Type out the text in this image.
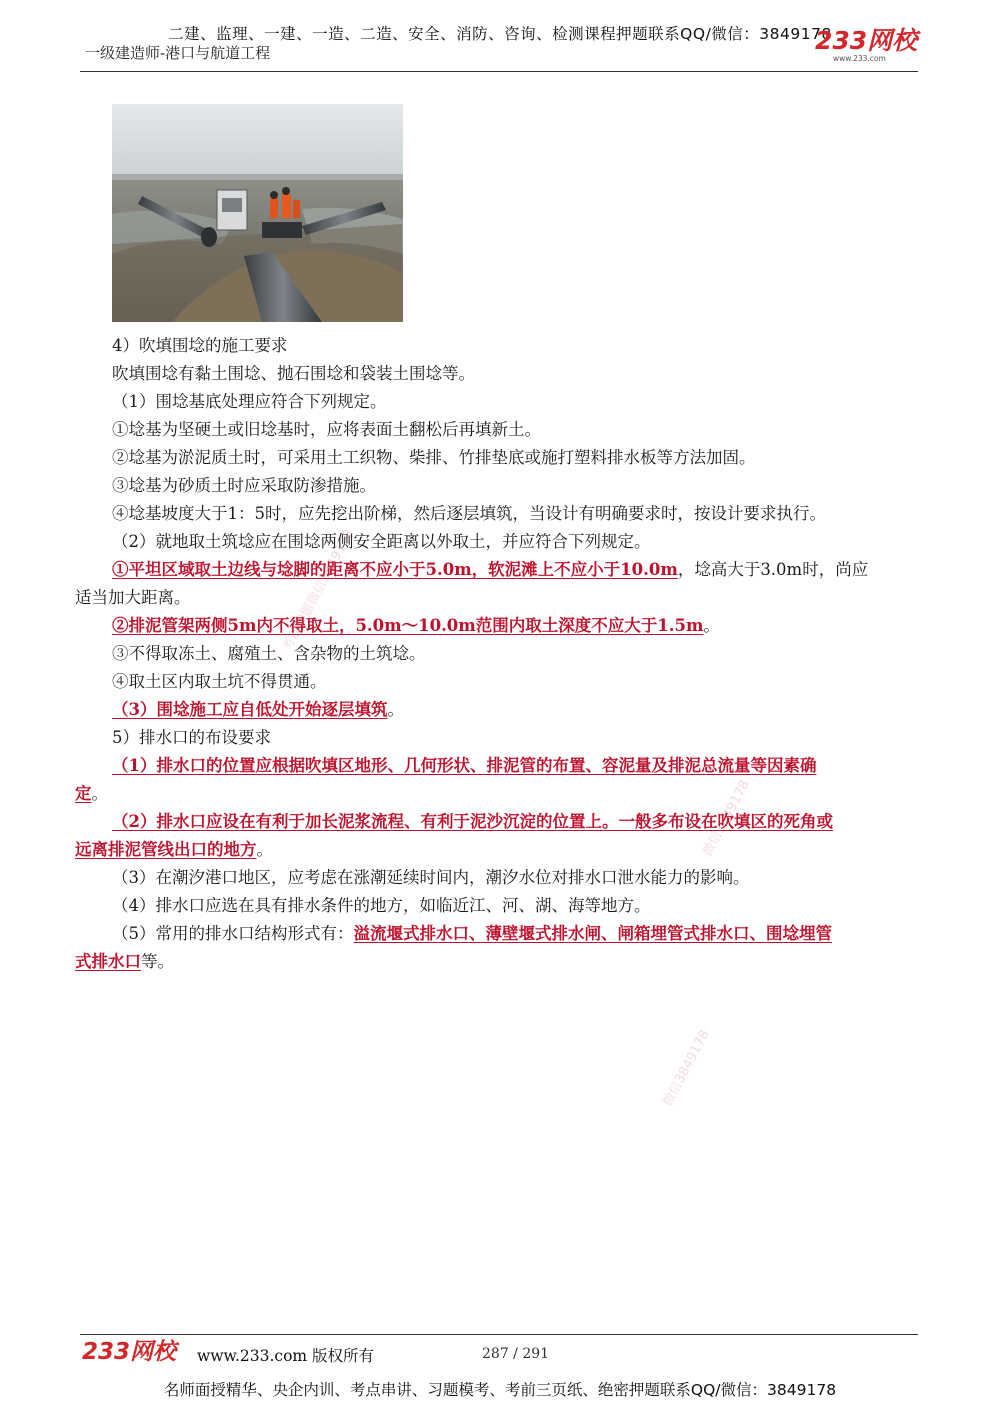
二建、监理、一建、一造、二造、安全、消防、咨询、检测课程押题联系QQ/微信：3849178
一级建造师-港口与航道工程	233网校
www.233.com
4）吹填围埝的施工要求
吹填围埝有黏土围埝、抛石围埝和袋装土围埝等。
（1）围埝基底处理应符合下列规定。
①埝基为坚硬土或旧埝基时，应将表面土翻松后再填新土。
②埝基为淤泥质土时，可采用土工织物、柴排、竹排垫底或施打塑料排水板等方法加固。
③埝基为砂质土时应采取防渗措施。
④埝基坡度大于1：5时，应先挖出阶梯，然后逐层填筑，当设计有明确要求时，按设计要求执行。
（2）就地取土筑埝应在围埝两侧安全距离以外取土，并应符合下列规定。
①平坦区域取土边线与埝脚的距离不应小于5.0m，软泥滩上不应小于10.0m，埝高大于3.0m时，尚应
适当加大距离。
②排泥管架两侧5m内不得取土，5.0m～10.0m范围内取土深度不应大于1.5m。
③不得取冻土、腐殖土、含杂物的土筑埝。
④取土区内取土坑不得贯通。
（3）围埝施工应自低处开始逐层填筑。
5）排水口的布设要求
（1）排水口的位置应根据吹填区地形、几何形状、排泥管的布置、容泥量及排泥总流量等因素确
定。
（2）排水口应设在有利于加长泥浆流程、有利于泥沙沉淀的位置上。一般多布设在吹填区的死角或
远离排泥管线出口的地方。
（3）在潮汐港口地区，应考虑在涨潮延续时间内，潮汐水位对排水口泄水能力的影响。
（4）排水口应选在具有排水条件的地方，如临近江、河、湖、海等地方。
（5）常用的排水口结构形式有：溢流堰式排水口、薄壁堰式排水闸、闸箱埋管式排水口、围埝埋管
式排水口等。
考前押题微信3849178
微信3849178
微信3849178
233网校 www.233.com 版权所有	287 / 291
名师面授精华、央企内训、考点串讲、习题模考、考前三页纸、绝密押题联系QQ/微信：3849178
